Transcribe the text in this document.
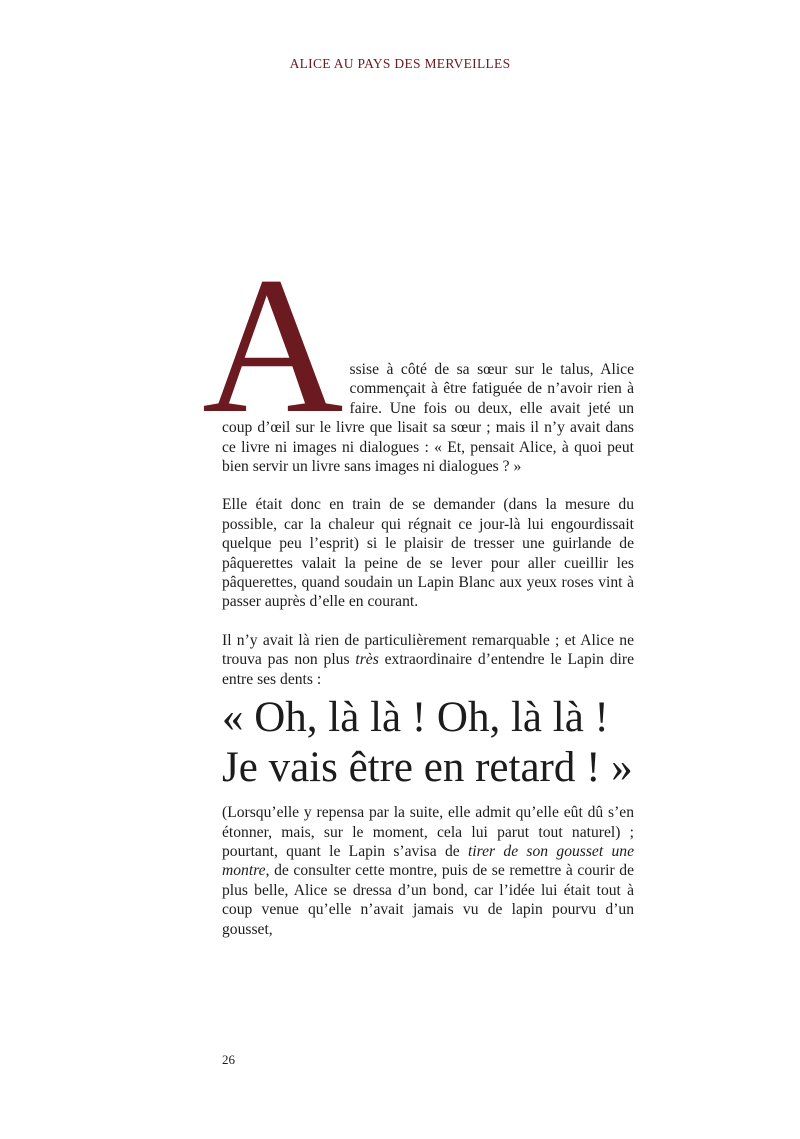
ALICE AU PAYS DES MERVEILLES
A ssise à côté de sa sœur sur le talus, Alice commençait à être fatiguée de n’avoir rien à faire. Une fois ou deux, elle avait jeté un coup d’œil sur le livre que lisait sa sœur ; mais il n’y avait dans ce livre ni images ni dialogues : « Et, pensait Alice, à quoi peut bien servir un livre sans images ni dialogues ? »

Elle était donc en train de se demander (dans la mesure du possible, car la chaleur qui régnait ce jour-là lui engourdissait quelque peu l’esprit) si le plaisir de tresser une guirlande de pâquerettes valait la peine de se lever pour aller cueillir les pâquerettes, quand soudain un Lapin Blanc aux yeux roses vint à passer auprès d’elle en courant.

Il n’y avait là rien de particulièrement remarquable ; et Alice ne trouva pas non plus très extraordinaire d’entendre le Lapin dire entre ses dents :

« Oh, là là ! Oh, là là !
Je vais être en retard ! »

(Lorsqu’elle y repensa par la suite, elle admit qu’elle eût dû s’en étonner, mais, sur le moment, cela lui parut tout naturel) ; pourtant, quant le Lapin s’avisa de tirer de son gousset une montre, de consulter cette montre, puis de se remettre à courir de plus belle, Alice se dressa d’un bond, car l’idée lui était tout à coup venue qu’elle n’avait jamais vu de lapin pourvu d’un gousset,

26
